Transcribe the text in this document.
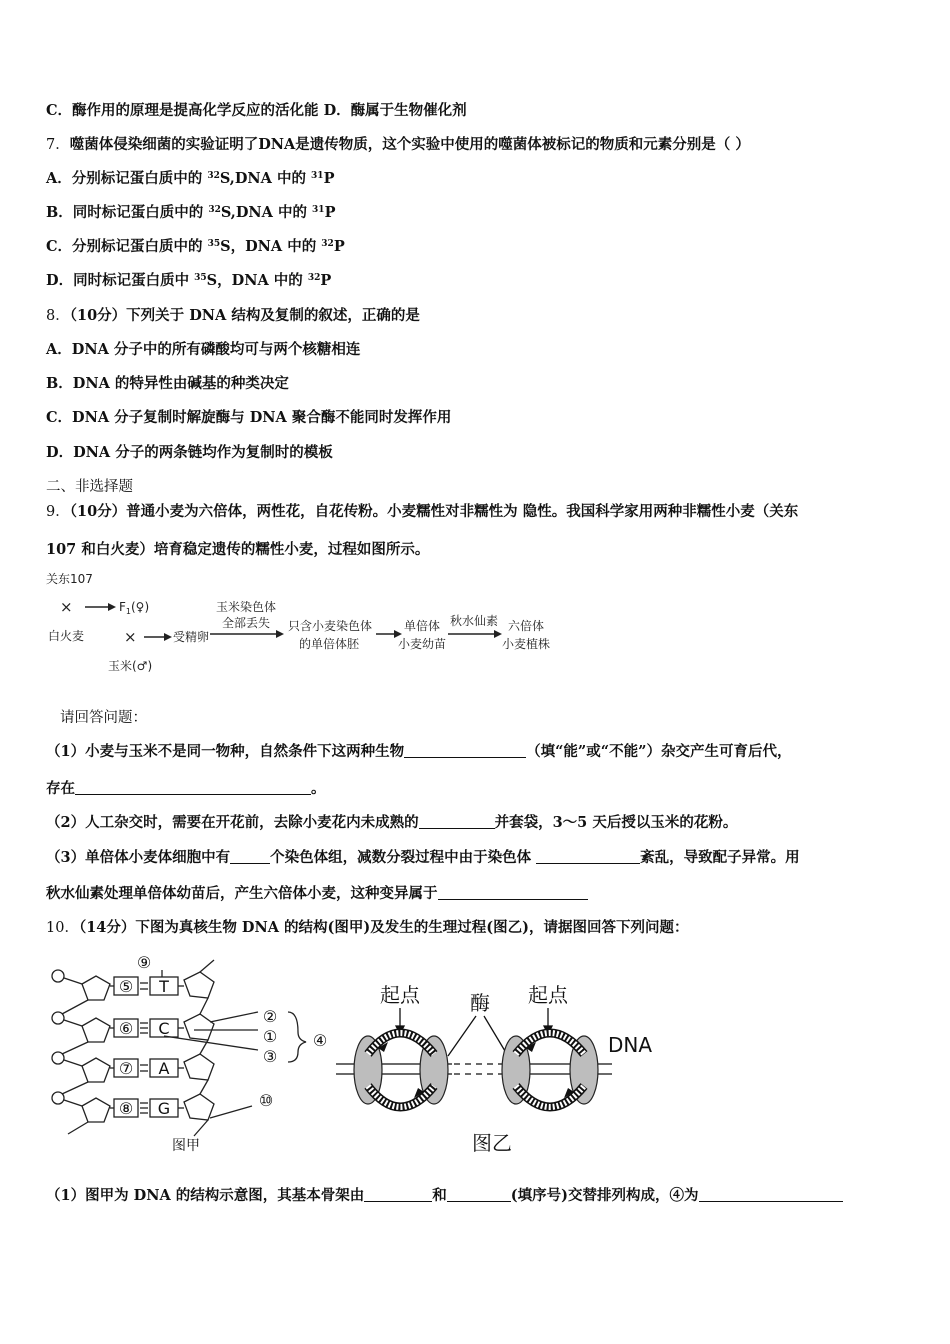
C．酶作用的原理是提高化学反应的活化能 D．酶属于生物催化剂
7．噬菌体侵染细菌的实验证明了DNA是遗传物质，这个实验中使用的噬菌体被标记的物质和元素分别是（ ）
A．分别标记蛋白质中的 $^{32}$S,DNA 中的 $^{31}$P
B．同时标记蛋白质中的 $^{32}$S,DNA 中的 $^{31}$P
C．分别标记蛋白质中的 $^{35}$S，DNA 中的 $^{32}$P
D．同时标记蛋白质中 $^{35}$S，DNA 中的 $^{32}$P
8．（10分）下列关于 DNA 结构及复制的叙述，正确的是
A．DNA 分子中的所有磷酸均可与两个核糖相连
B．DNA 的特异性由碱基的种类决定
C．DNA 分子复制时解旋酶与 DNA 聚合酶不能同时发挥作用
D．DNA 分子的两条链均作为复制时的模板
二、非选择题
9．（10分）普通小麦为六倍体，两性花，自花传粉。小麦糯性对非糯性为 隐性。我国科学家用两种非糯性小麦（关东
107 和白火麦）培育稳定遗传的糯性小麦，过程如图所示。
关东107
×	$F_1(♀)$
白火麦	×	受精卵
玉米(♂)
玉米染色体
全部丢失 只含小麦染色体
的单倍体胚
单倍体
小麦幼苗
秋水仙素 六倍体
小麦植株
请回答问题：
（1）小麦与玉米不是同一物种，自然条件下这两种生物	（填“能”或“不能”）杂交产生可育后代，
存在	。
（2）人工杂交时，需要在开花前，去除小麦花内未成熟的	并套袋，3～5 天后授以玉米的花粉。
（3）单倍体小麦体细胞中有	个染色体组，减数分裂过程中由于染色体	紊乱，导致配子异常。用
秋水仙素处理单倍体幼苗后，产生六倍体小麦，这种变异属于
10．（14分）下图为真核生物 DNA 的结构(图甲)及发生的生理过程(图乙)，请据图回答下列问题：
⑤
⑥
⑦
⑧
T
C
A
G
⑨
②
①
③
④
⑩
图甲
起点	酶 起点
DNA
图乙
（1）图甲为 DNA 的结构示意图，其基本骨架由	和	(填序号)交替排列构成，④为
